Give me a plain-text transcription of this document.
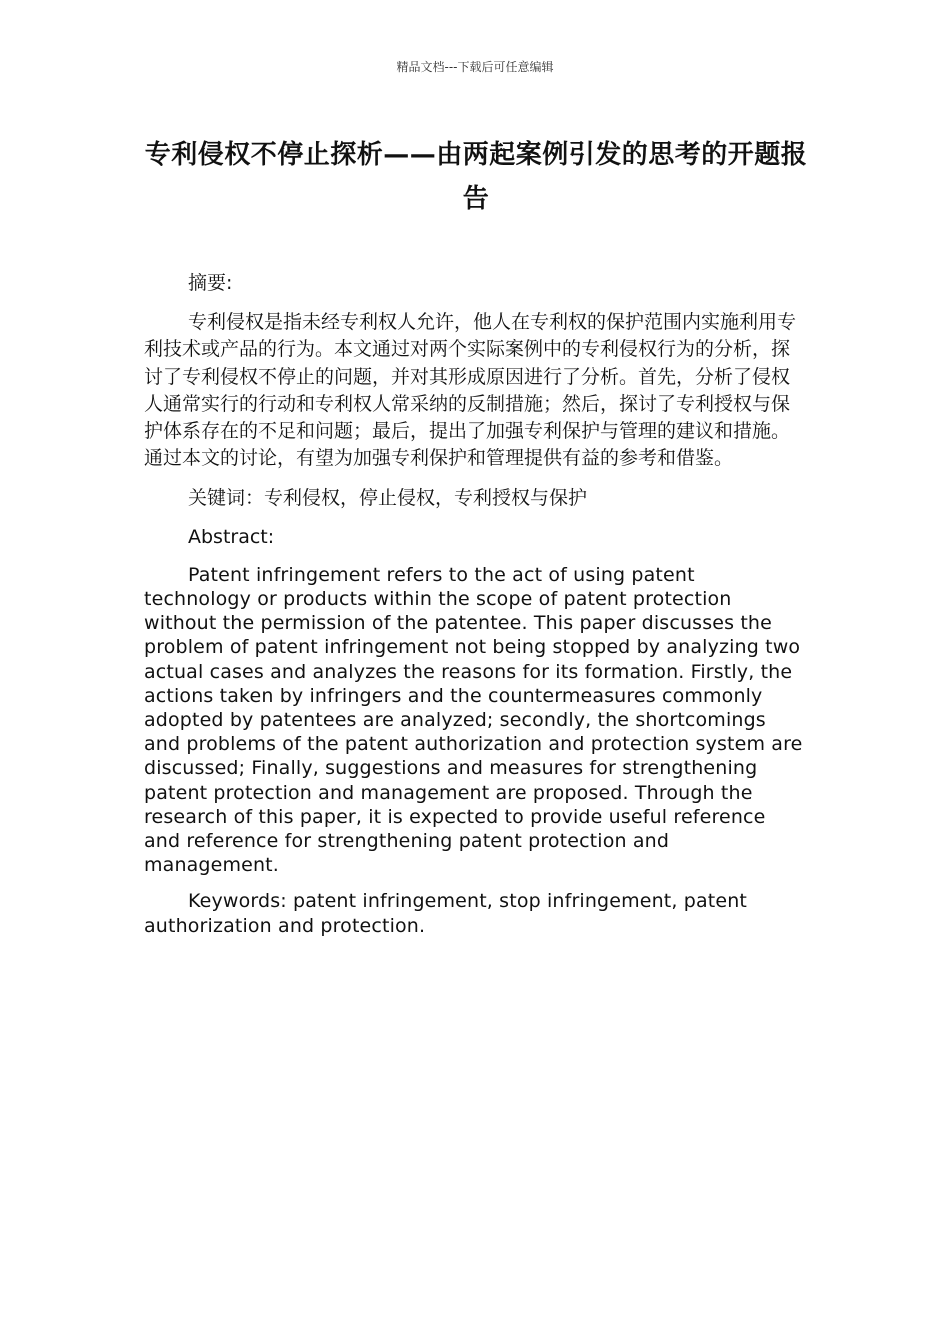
精品文档---下载后可任意编辑
专利侵权不停止探析——由两起案例引发的思考的开题报告

摘要:

专利侵权是指未经专利权人允许，他人在专利权的保护范围内实施利用专利技术或产品的行为。本文通过对两个实际案例中的专利侵权行为的分析，探讨了专利侵权不停止的问题，并对其形成原因进行了分析。首先，分析了侵权人通常实行的行动和专利权人常采纳的反制措施；然后，探讨了专利授权与保护体系存在的不足和问题；最后，提出了加强专利保护与管理的建议和措施。通过本文的讨论，有望为加强专利保护和管理提供有益的参考和借鉴。

关键词：专利侵权，停止侵权，专利授权与保护

Abstract:

Patent infringement refers to the act of using patent technology or products within the scope of patent protection without the permission of the patentee. This paper discusses the problem of patent infringement not being stopped by analyzing two actual cases and analyzes the reasons for its formation. Firstly, the actions taken by infringers and the countermeasures commonly adopted by patentees are analyzed; secondly, the shortcomings and problems of the patent authorization and protection system are discussed; Finally, suggestions and measures for strengthening patent protection and management are proposed. Through the research of this paper, it is expected to provide useful reference and reference for strengthening patent protection and management.

Keywords: patent infringement, stop infringement, patent authorization and protection.
